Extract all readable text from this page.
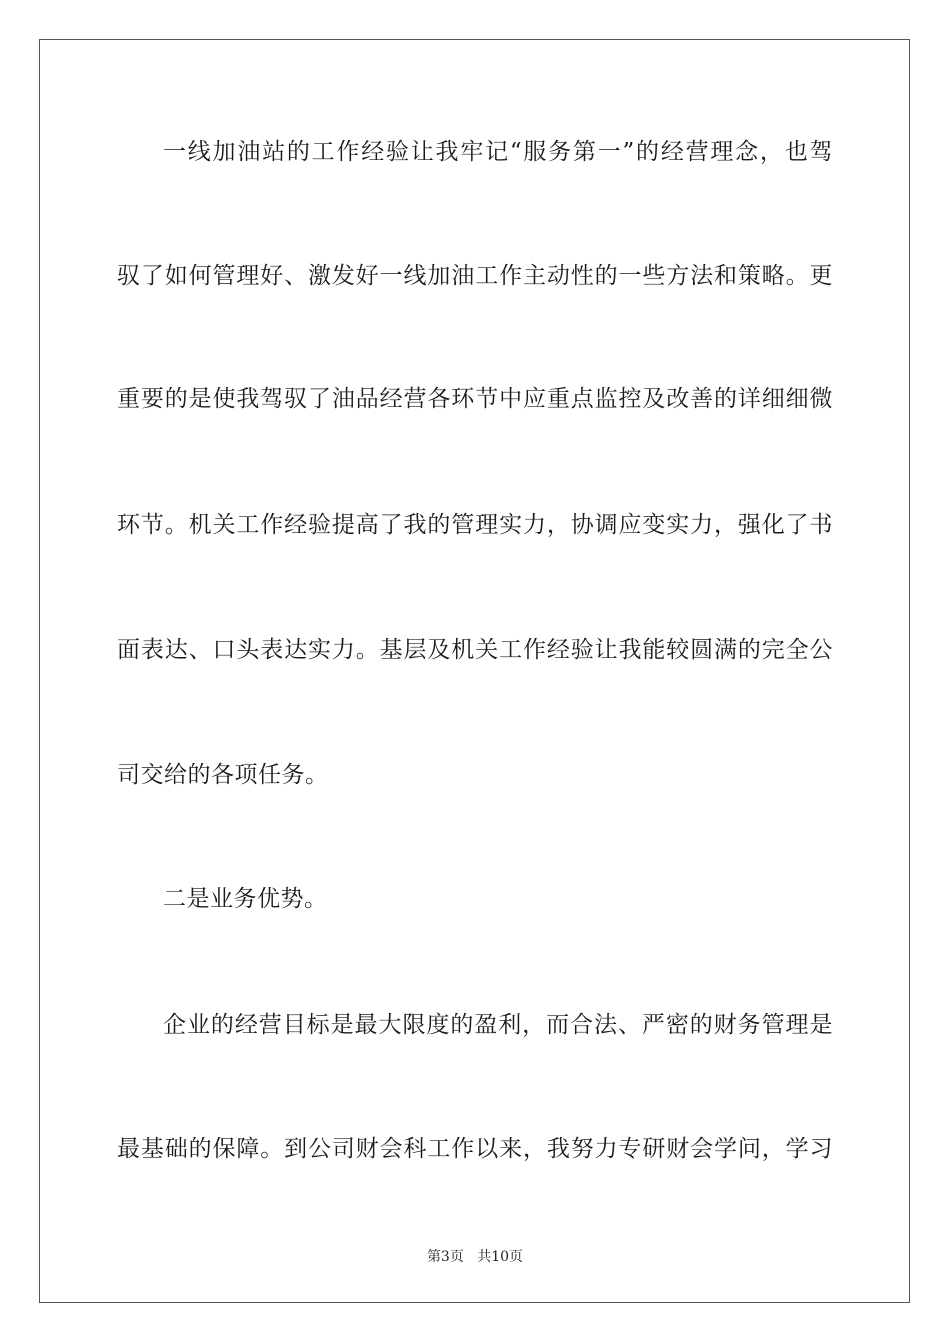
一线加油站的工作经验让我牢记“服务第一”的经营理念，也驾
驭了如何管理好、激发好一线加油工作主动性的一些方法和策略。更
重要的是使我驾驭了油品经营各环节中应重点监控及改善的详细细微
环节。机关工作经验提高了我的管理实力，协调应变实力，强化了书
面表达、口头表达实力。基层及机关工作经验让我能较圆满的完全公
司交给的各项任务。
二是业务优势。
企业的经营目标是最大限度的盈利，而合法、严密的财务管理是
最基础的保障。到公司财会科工作以来，我努力专研财会学问，学习
第3页 共10页
